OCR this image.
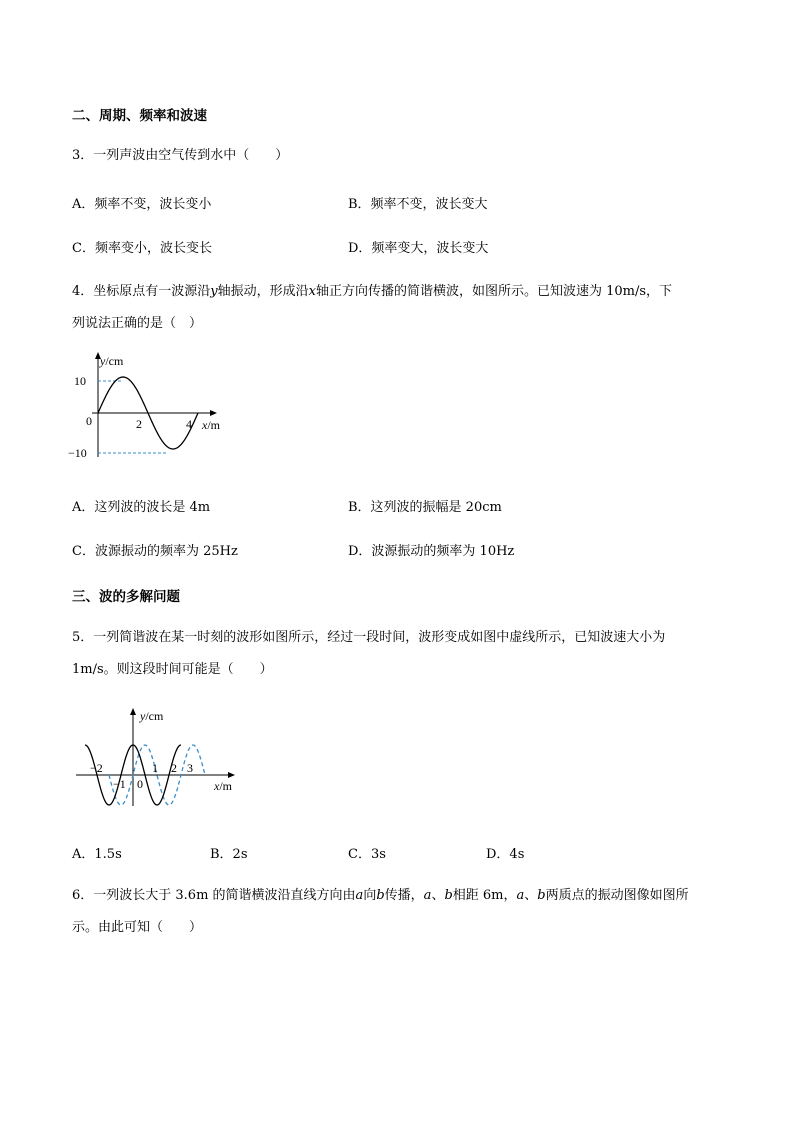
二、周期、频率和波速
3．一列声波由空气传到水中（　　）
A．频率不变，波长变小	B．频率不变，波长变大
C．频率变小，波长变长	D．频率变大，波长变大
4．坐标原点有一波源沿y轴振动，形成沿x轴正方向传播的简谐横波，如图所示。已知波速为 10m/s，下
列说法正确的是（　）
y/cm
10
−10
0	2	4 x/m
A．这列波的波长是 4m	B．这列波的振幅是 20cm
C．波源振动的频率为 25Hz	D．波源振动的频率为 10Hz
三、波的多解问题
5．一列简谐波在某一时刻的波形如图所示，经过一段时间，波形变成如图中虚线所示，已知波速大小为
1m/s。则这段时间可能是（　　）
y/cm
−2
−1 0
1 2 3
x/m
A．1.5s	B．2s	C．3s	D．4s
6．一列波长大于 3.6m 的简谐横波沿直线方向由a向b传播，a、b相距 6m，a、b两质点的振动图像如图所
示。由此可知（　　）
